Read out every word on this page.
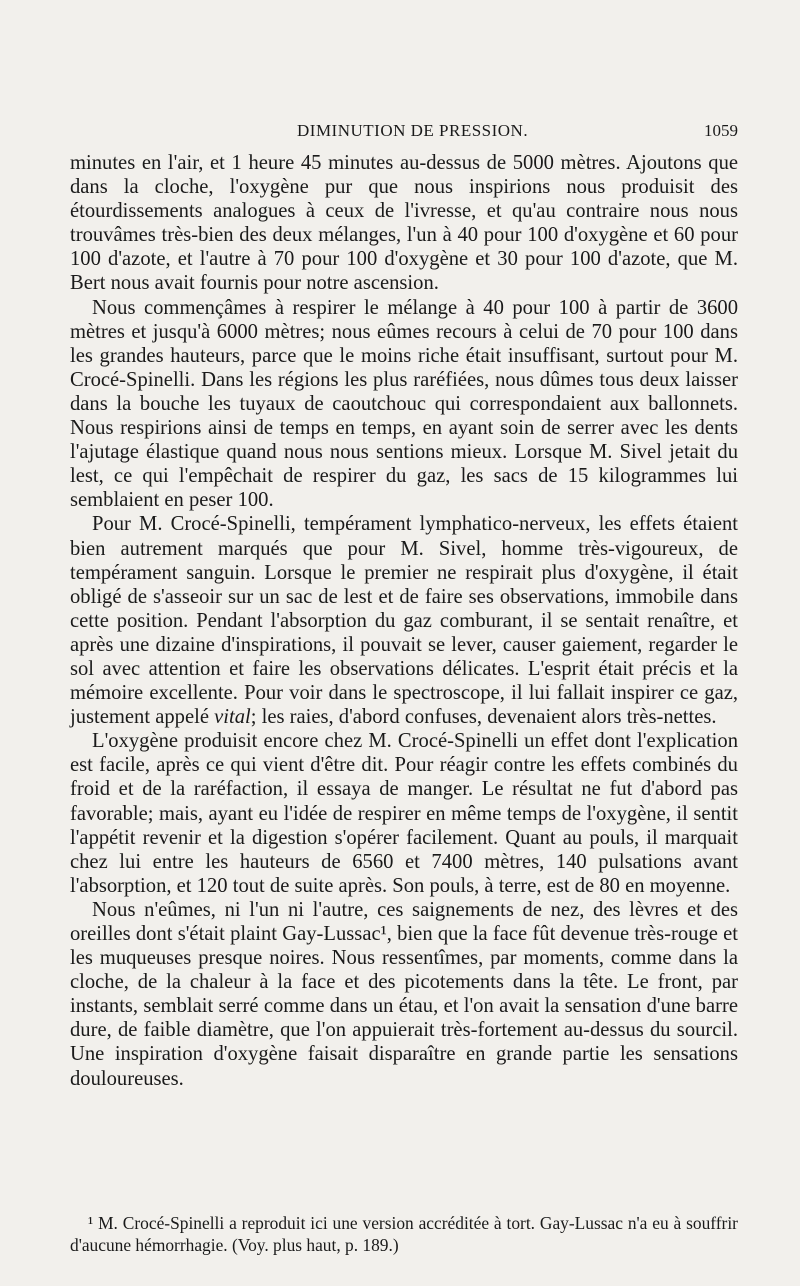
DIMINUTION DE PRESSION.	1059

minutes en l'air, et 1 heure 45 minutes au-dessus de 5000 mètres. Ajoutons que dans la cloche, l'oxygène pur que nous inspirions nous produisit des étourdissements analogues à ceux de l'ivresse, et qu'au contraire nous nous trouvâmes très-bien des deux mélanges, l'un à 40 pour 100 d'oxygène et 60 pour 100 d'azote, et l'autre à 70 pour 100 d'oxygène et 30 pour 100 d'azote, que M. Bert nous avait fournis pour notre ascension.

Nous commençâmes à respirer le mélange à 40 pour 100 à partir de 3600 mètres et jusqu'à 6000 mètres; nous eûmes recours à celui de 70 pour 100 dans les grandes hauteurs, parce que le moins riche était insuffisant, surtout pour M. Crocé-Spinelli. Dans les régions les plus raréfiées, nous dûmes tous deux laisser dans la bouche les tuyaux de caoutchouc qui correspondaient aux ballonnets. Nous respirions ainsi de temps en temps, en ayant soin de serrer avec les dents l'ajutage élastique quand nous nous sentions mieux. Lorsque M. Sivel jetait du lest, ce qui l'empêchait de respirer du gaz, les sacs de 15 kilogrammes lui semblaient en peser 100.

Pour M. Crocé-Spinelli, tempérament lymphatico-nerveux, les effets étaient bien autrement marqués que pour M. Sivel, homme très-vigoureux, de tempérament sanguin. Lorsque le premier ne respirait plus d'oxygène, il était obligé de s'asseoir sur un sac de lest et de faire ses observations, immobile dans cette position. Pendant l'absorption du gaz comburant, il se sentait renaître, et après une dizaine d'inspirations, il pouvait se lever, causer gaiement, regarder le sol avec attention et faire les observations délicates. L'esprit était précis et la mémoire excellente. Pour voir dans le spectroscope, il lui fallait inspirer ce gaz, justement appelé vital; les raies, d'abord confuses, devenaient alors très-nettes.

L'oxygène produisit encore chez M. Crocé-Spinelli un effet dont l'explication est facile, après ce qui vient d'être dit. Pour réagir contre les effets combinés du froid et de la raréfaction, il essaya de manger. Le résultat ne fut d'abord pas favorable; mais, ayant eu l'idée de respirer en même temps de l'oxygène, il sentit l'appétit revenir et la digestion s'opérer facilement. Quant au pouls, il marquait chez lui entre les hauteurs de 6560 et 7400 mètres, 140 pulsations avant l'absorption, et 120 tout de suite après. Son pouls, à terre, est de 80 en moyenne.

Nous n'eûmes, ni l'un ni l'autre, ces saignements de nez, des lèvres et des oreilles dont s'était plaint Gay-Lussac¹, bien que la face fût devenue très-rouge et les muqueuses presque noires. Nous ressentîmes, par moments, comme dans la cloche, de la chaleur à la face et des picotements dans la tête. Le front, par instants, semblait serré comme dans un étau, et l'on avait la sensation d'une barre dure, de faible diamètre, que l'on appuierait très-fortement au-dessus du sourcil. Une inspiration d'oxygène faisait disparaître en grande partie les sensations douloureuses.

¹ M. Crocé-Spinelli a reproduit ici une version accréditée à tort. Gay-Lussac n'a eu à souffrir d'aucune hémorrhagie. (Voy. plus haut, p. 189.)
